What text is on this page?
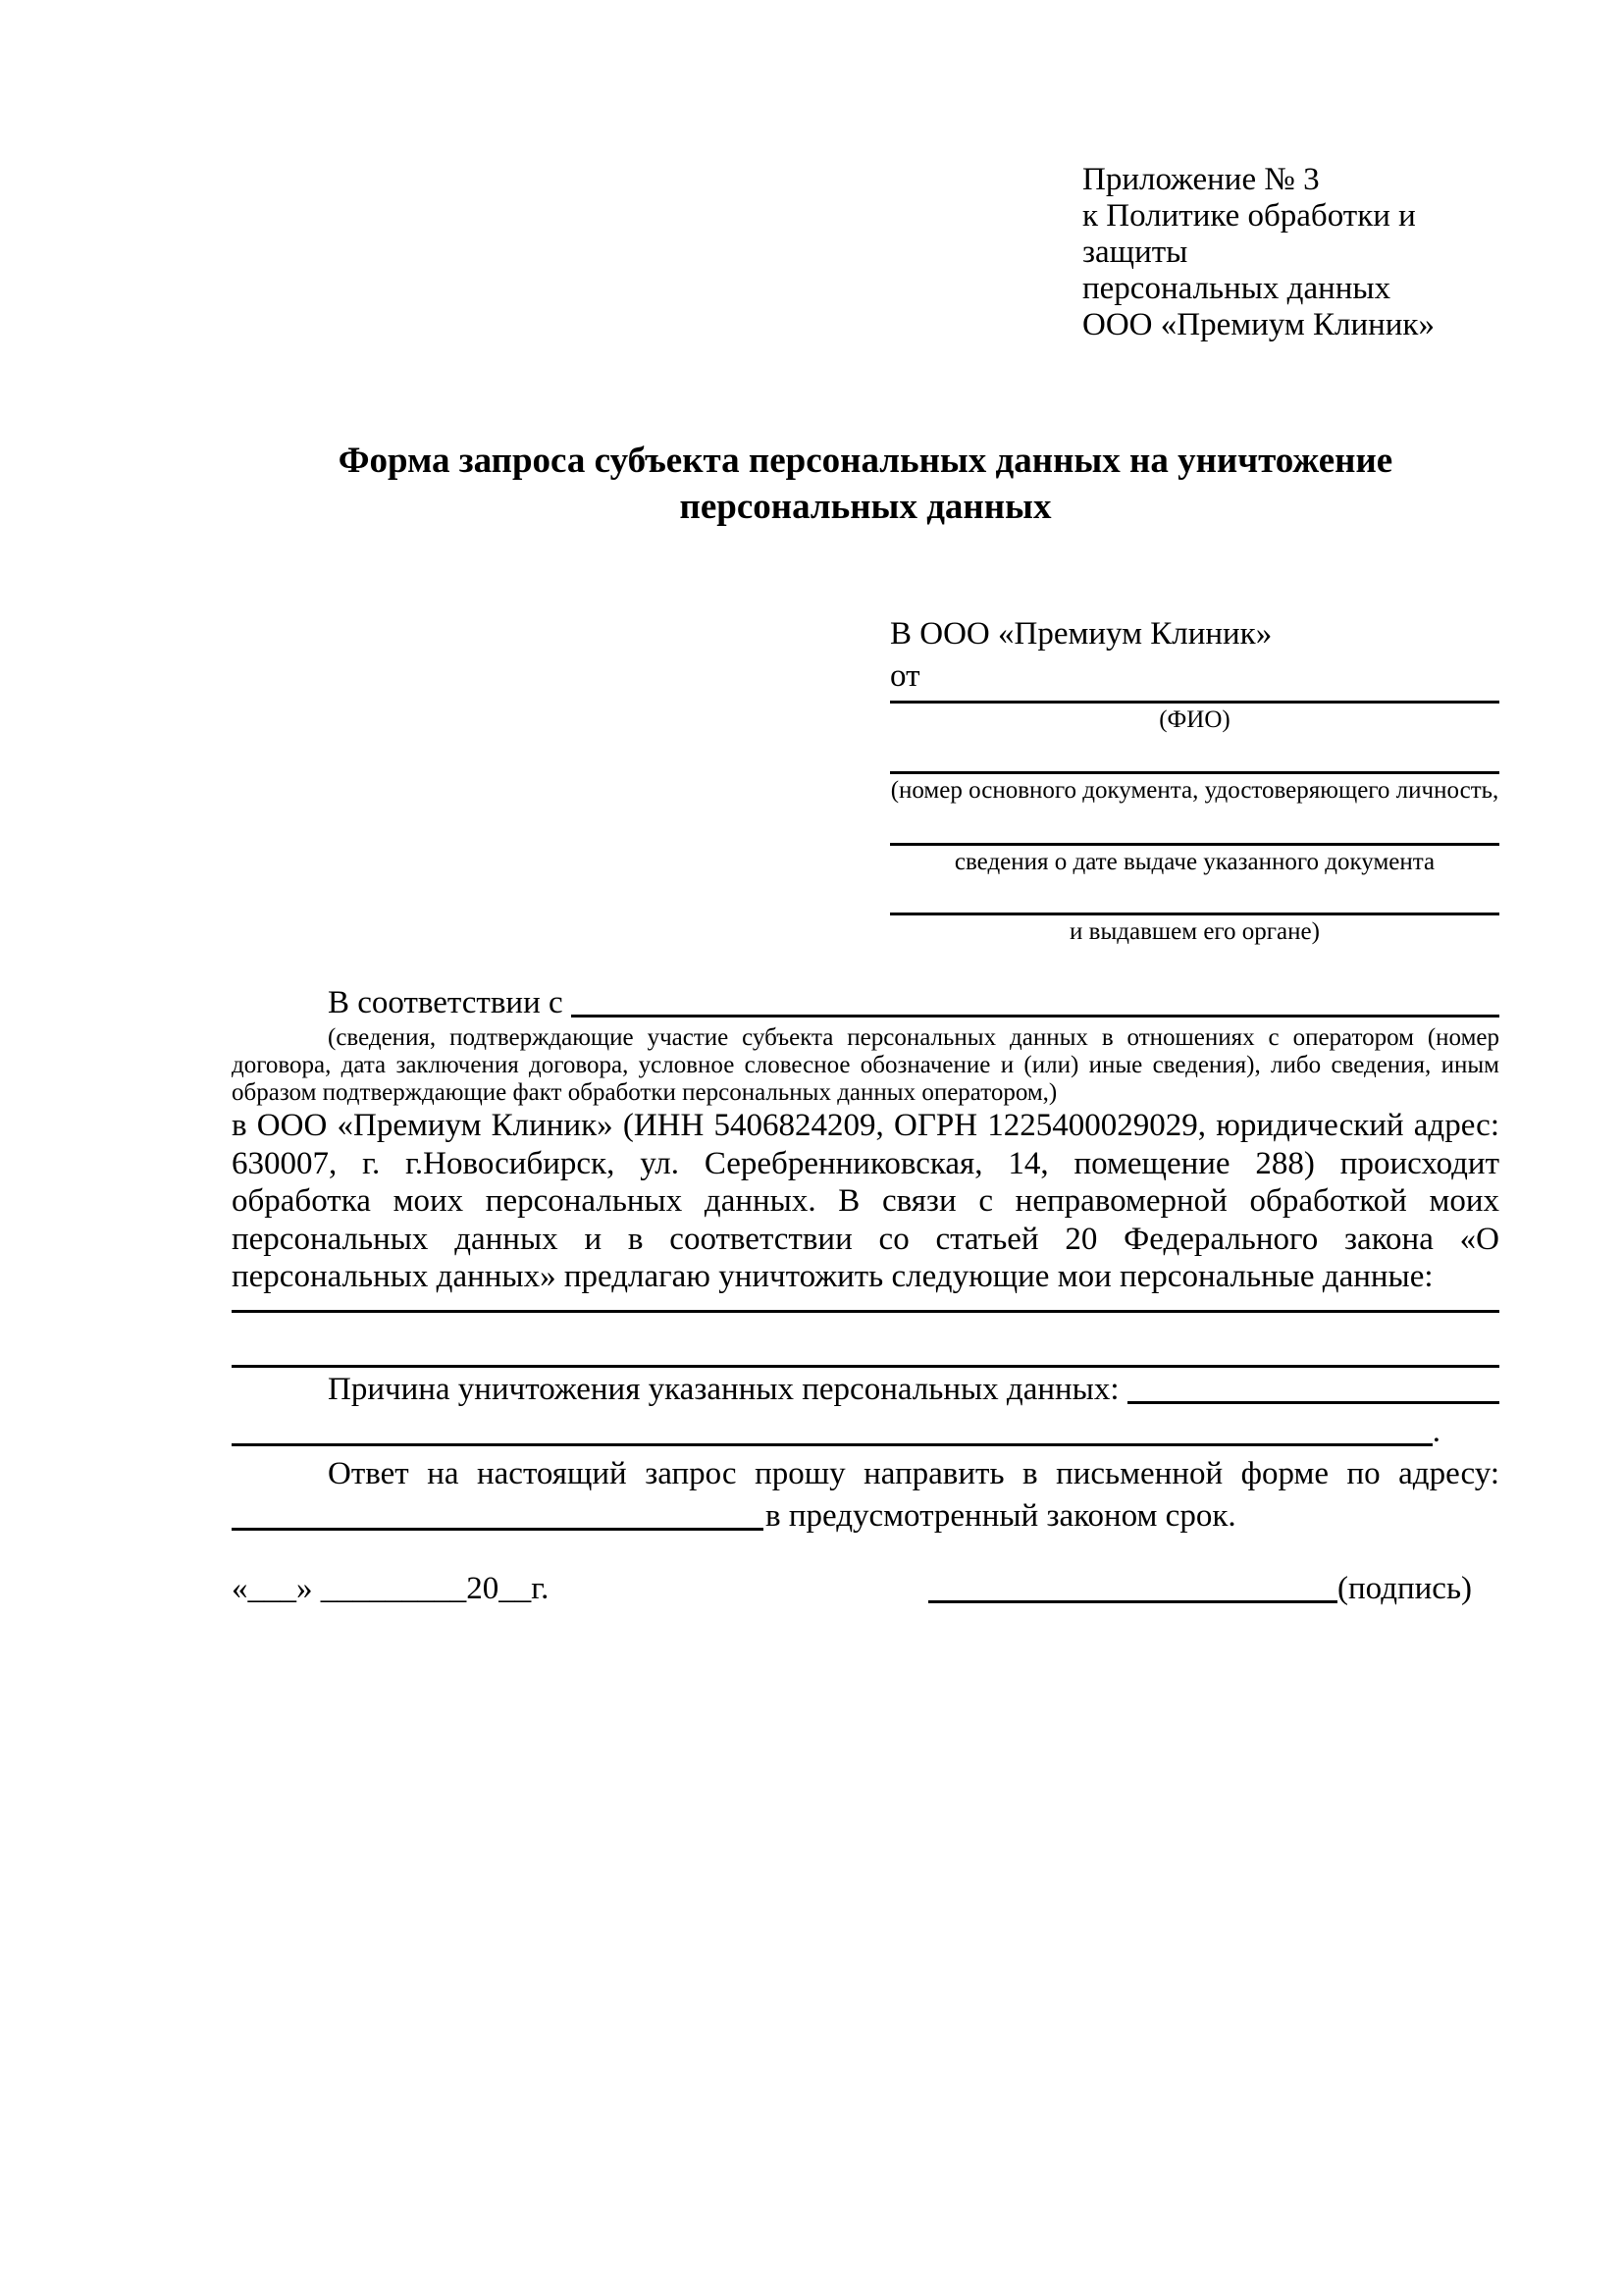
Приложение № 3
к Политике обработки и защиты
персональных данных
ООО «Премиум Клиник»
Форма запроса субъекта персональных данных на уничтожение персональных данных
В ООО «Премиум Клиник»
от
(ФИО)
(номер основного документа, удостоверяющего личность,
сведения о дате выдаче указанного документа
и выдавшем его органе)
В соответствии с
(сведения, подтверждающие участие субъекта персональных данных в отношениях с оператором (номер договора, дата заключения договора, условное словесное обозначение и (или) иные сведения), либо сведения, иным образом подтверждающие факт обработки персональных данных оператором,)
в ООО «Премиум Клиник» (ИНН 5406824209, ОГРН 1225400029029, юридический адрес: 630007, г. г.Новосибирск, ул. Серебренниковская, 14, помещение 288) происходит обработка моих персональных данных. В связи с неправомерной обработкой моих персональных данных и в соответствии со статьей 20 Федерального закона «О персональных данных» предлагаю уничтожить следующие мои персональные данные:
Причина уничтожения указанных персональных данных:
.
Ответ на настоящий запрос прошу направить в письменной форме по адресу:
в предусмотренный законом срок.
«___» _________20__г.	(подпись)
